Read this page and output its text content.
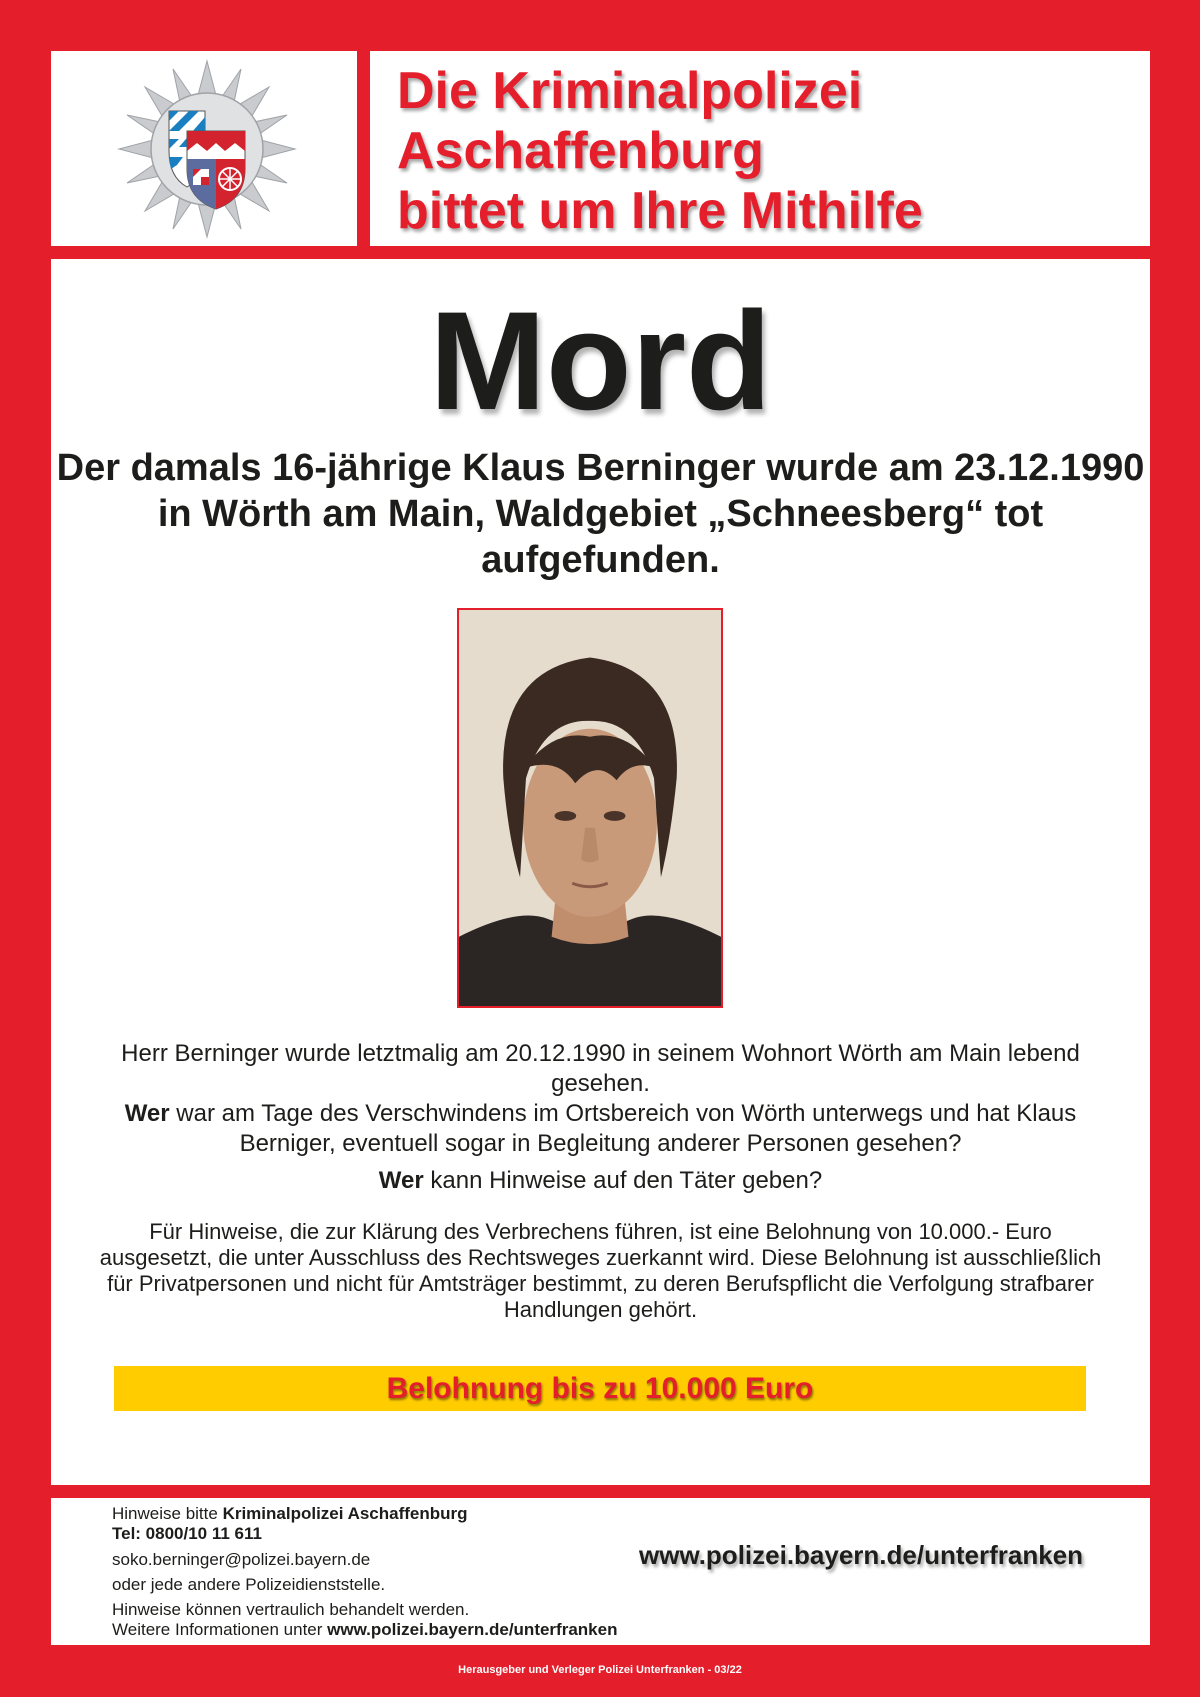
Die Kriminalpolizei
Aschaffenburg
bittet um Ihre Mithilfe
Mord
Der damals 16-jährige Klaus Berninger wurde am 23.12.1990 in Wörth am Main, Waldgebiet „Schneesberg“ tot aufgefunden.
Herr Berninger wurde letztmalig am 20.12.1990 in seinem Wohnort Wörth am Main lebend gesehen.
Wer war am Tage des Verschwindens im Ortsbereich von Wörth unterwegs und hat Klaus Berniger, eventuell sogar in Begleitung anderer Personen gesehen?
Wer kann Hinweise auf den Täter geben?
Für Hinweise, die zur Klärung des Verbrechens führen, ist eine Belohnung von 10.000.- Euro ausgesetzt, die unter Ausschluss des Rechtsweges zuerkannt wird. Diese Belohnung ist ausschließlich für Privatpersonen und nicht für Amtsträger bestimmt, zu deren Berufspflicht die Verfolgung strafbarer Handlungen gehört.
Belohnung bis zu 10.000 Euro
Hinweise bitte Kriminalpolizei Aschaffenburg
Tel: 0800/10 11 611
soko.berninger@polizei.bayern.de
oder jede andere Polizeidienststelle.
Hinweise können vertraulich behandelt werden.
Weitere Informationen unter www.polizei.bayern.de/unterfranken
www.polizei.bayern.de/unterfranken
Herausgeber und Verleger Polizei Unterfranken - 03/22
